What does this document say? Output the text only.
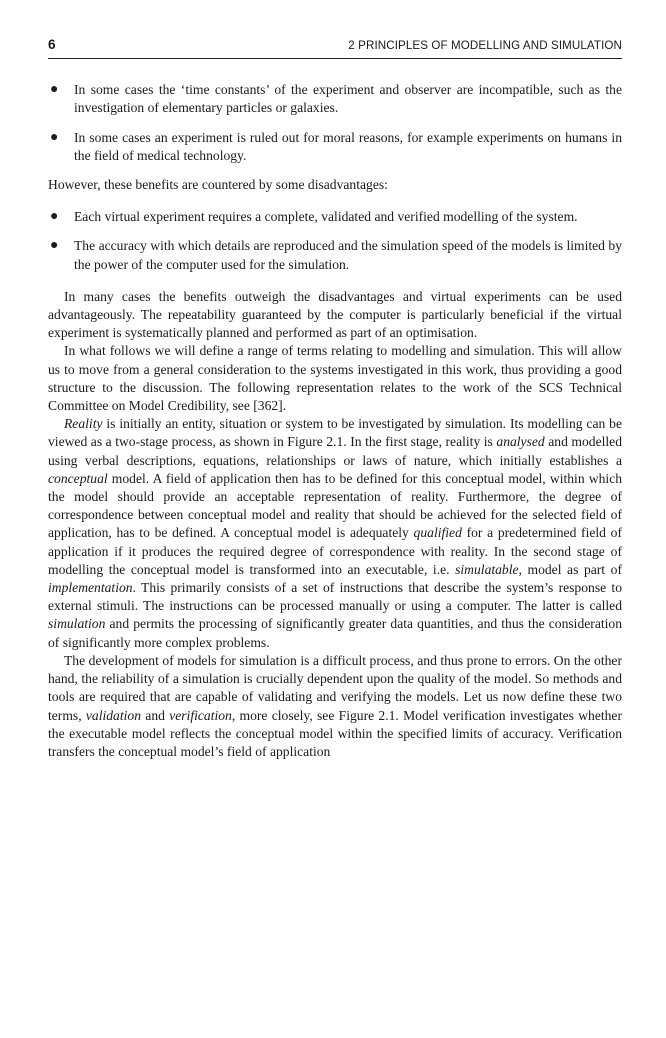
6	2 PRINCIPLES OF MODELLING AND SIMULATION
● In some cases the ‘time constants’ of the experiment and observer are incompatible, such as the investigation of elementary particles or galaxies.
● In some cases an experiment is ruled out for moral reasons, for example experiments on humans in the field of medical technology.

However, these benefits are countered by some disadvantages:

● Each virtual experiment requires a complete, validated and verified modelling of the system.
● The accuracy with which details are reproduced and the simulation speed of the models is limited by the power of the computer used for the simulation.

In many cases the benefits outweigh the disadvantages and virtual experiments can be used advantageously. The repeatability guaranteed by the computer is particularly beneficial if the virtual experiment is systematically planned and performed as part of an optimisation.

In what follows we will define a range of terms relating to modelling and simulation. This will allow us to move from a general consideration to the systems investigated in this work, thus providing a good structure to the discussion. The following representation relates to the work of the SCS Technical Committee on Model Credibility, see [362].

Reality is initially an entity, situation or system to be investigated by simulation. Its modelling can be viewed as a two-stage process, as shown in Figure 2.1. In the first stage, reality is analysed and modelled using verbal descriptions, equations, relationships or laws of nature, which initially establishes a conceptual model. A field of application then has to be defined for this conceptual model, within which the model should provide an acceptable representation of reality. Furthermore, the degree of correspondence between conceptual model and reality that should be achieved for the selected field of application, has to be defined. A conceptual model is adequately qualified for a predetermined field of application if it produces the required degree of correspondence with reality. In the second stage of modelling the conceptual model is transformed into an executable, i.e. simulatable, model as part of implementation. This primarily consists of a set of instructions that describe the system’s response to external stimuli. The instructions can be processed manually or using a computer. The latter is called simulation and permits the processing of significantly greater data quantities, and thus the consideration of significantly more complex problems.

The development of models for simulation is a difficult process, and thus prone to errors. On the other hand, the reliability of a simulation is crucially dependent upon the quality of the model. So methods and tools are required that are capable of validating and verifying the models. Let us now define these two terms, validation and verification, more closely, see Figure 2.1. Model verification investigates whether the executable model reflects the conceptual model within the specified limits of accuracy. Verification transfers the conceptual model’s field of application
